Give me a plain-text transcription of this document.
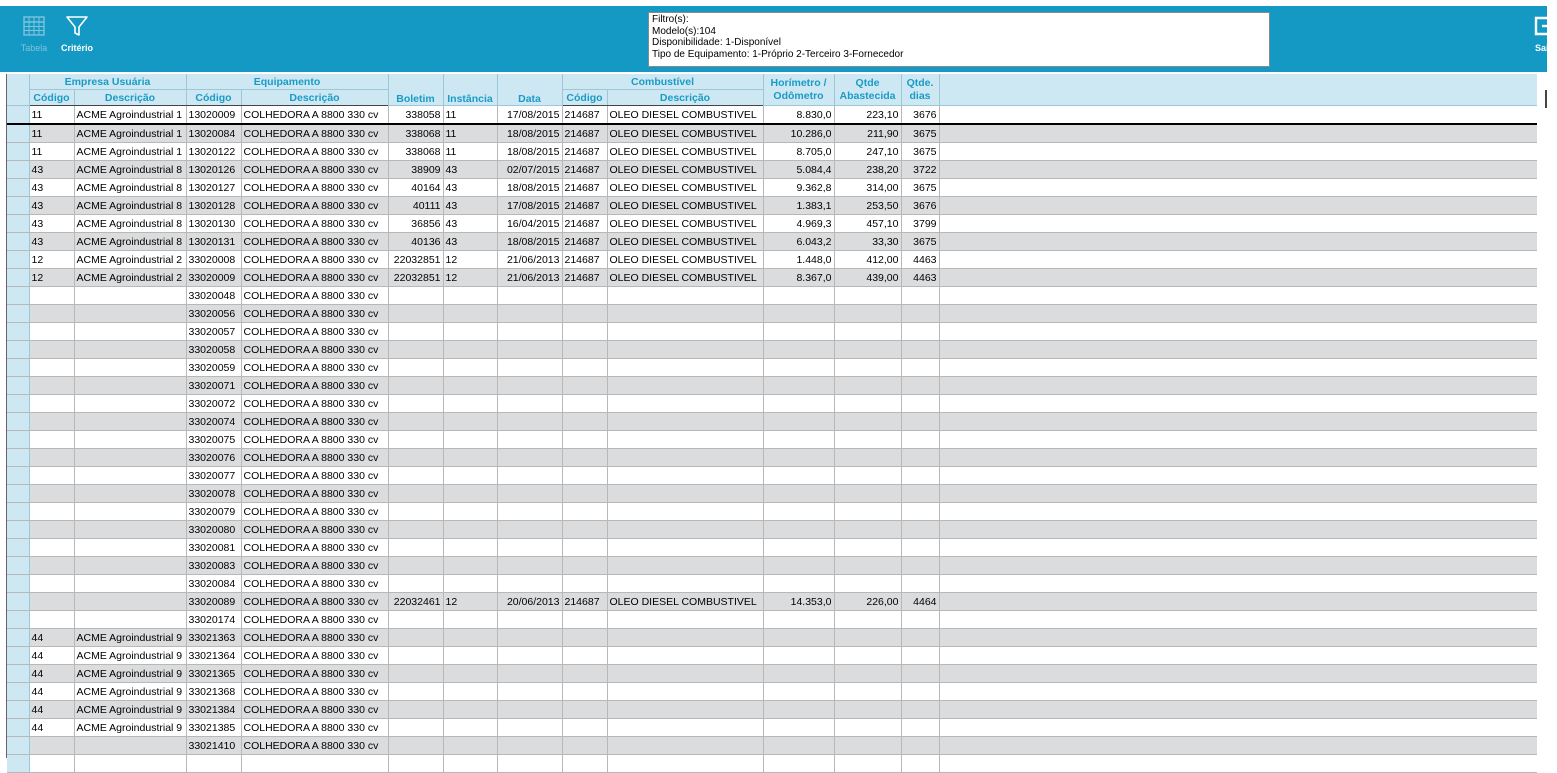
Tabela	Critério
Filtro(s):
Modelo(s):104
Disponibilidade: 1-Disponível
Tipo de Equipamento: 1-Próprio 2-Terceiro 3-Fornecedor
Sair
	Empresa Usuária		Equipamento		Boletim	Instância	Data	Combustível		Horímetro / Odômetro	Qtde Abastecida	Qtde. dias	
	Código	Descrição	Código	Descrição				Código	Descrição				
	11	ACME Agroindustrial 1	13020009	COLHEDORA A 8800 330 cv	338058	11	17/08/2015	214687	OLEO DIESEL COMBUSTIVEL	8.830,0	223,10	3676	
	11	ACME Agroindustrial 1	13020084	COLHEDORA A 8800 330 cv	338068	11	18/08/2015	214687	OLEO DIESEL COMBUSTIVEL	10.286,0	211,90	3675	
	11	ACME Agroindustrial 1	13020122	COLHEDORA A 8800 330 cv	338068	11	18/08/2015	214687	OLEO DIESEL COMBUSTIVEL	8.705,0	247,10	3675	
	43	ACME Agroindustrial 8	13020126	COLHEDORA A 8800 330 cv	38909	43	02/07/2015	214687	OLEO DIESEL COMBUSTIVEL	5.084,4	238,20	3722	
	43	ACME Agroindustrial 8	13020127	COLHEDORA A 8800 330 cv	40164	43	18/08/2015	214687	OLEO DIESEL COMBUSTIVEL	9.362,8	314,00	3675	
	43	ACME Agroindustrial 8	13020128	COLHEDORA A 8800 330 cv	40111	43	17/08/2015	214687	OLEO DIESEL COMBUSTIVEL	1.383,1	253,50	3676	
	43	ACME Agroindustrial 8	13020130	COLHEDORA A 8800 330 cv	36856	43	16/04/2015	214687	OLEO DIESEL COMBUSTIVEL	4.969,3	457,10	3799	
	43	ACME Agroindustrial 8	13020131	COLHEDORA A 8800 330 cv	40136	43	18/08/2015	214687	OLEO DIESEL COMBUSTIVEL	6.043,2	33,30	3675	
	12	ACME Agroindustrial 2	33020008	COLHEDORA A 8800 330 cv	22032851	12	21/06/2013	214687	OLEO DIESEL COMBUSTIVEL	1.448,0	412,00	4463	
	12	ACME Agroindustrial 2	33020009	COLHEDORA A 8800 330 cv	22032851	12	21/06/2013	214687	OLEO DIESEL COMBUSTIVEL	8.367,0	439,00	4463	
			33020048	COLHEDORA A 8800 330 cv									
			33020056	COLHEDORA A 8800 330 cv									
			33020057	COLHEDORA A 8800 330 cv									
			33020058	COLHEDORA A 8800 330 cv									
			33020059	COLHEDORA A 8800 330 cv									
			33020071	COLHEDORA A 8800 330 cv									
			33020072	COLHEDORA A 8800 330 cv									
			33020074	COLHEDORA A 8800 330 cv									
			33020075	COLHEDORA A 8800 330 cv									
			33020076	COLHEDORA A 8800 330 cv									
			33020077	COLHEDORA A 8800 330 cv									
			33020078	COLHEDORA A 8800 330 cv									
			33020079	COLHEDORA A 8800 330 cv									
			33020080	COLHEDORA A 8800 330 cv									
			33020081	COLHEDORA A 8800 330 cv									
			33020083	COLHEDORA A 8800 330 cv									
			33020084	COLHEDORA A 8800 330 cv									
			33020089	COLHEDORA A 8800 330 cv	22032461	12	20/06/2013	214687	OLEO DIESEL COMBUSTIVEL	14.353,0	226,00	4464	
			33020174	COLHEDORA A 8800 330 cv									
	44	ACME Agroindustrial 9	33021363	COLHEDORA A 8800 330 cv									
	44	ACME Agroindustrial 9	33021364	COLHEDORA A 8800 330 cv									
	44	ACME Agroindustrial 9	33021365	COLHEDORA A 8800 330 cv									
	44	ACME Agroindustrial 9	33021368	COLHEDORA A 8800 330 cv									
	44	ACME Agroindustrial 9	33021384	COLHEDORA A 8800 330 cv									
	44	ACME Agroindustrial 9	33021385	COLHEDORA A 8800 330 cv									
			33021410	COLHEDORA A 8800 330 cv									
